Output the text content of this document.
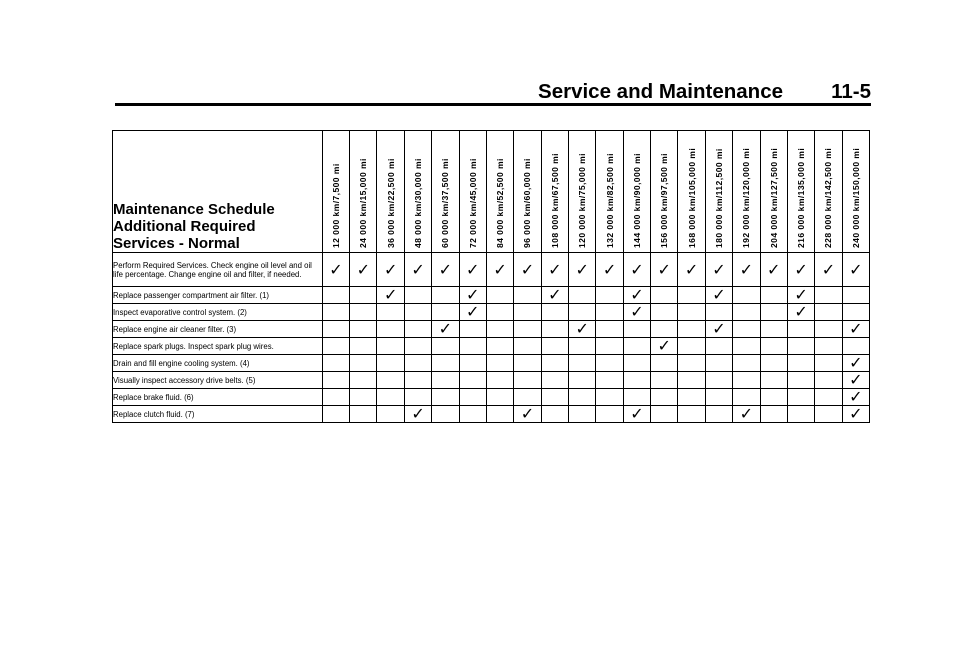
Service and Maintenance 11-5
Maintenance Schedule
Additional Required
Services - Normal	12 000 km/7,500 mi	24 000 km/15,000 mi	36 000 km/22,500 mi	48 000 km/30,000 mi	60 000 km/37,500 mi	72 000 km/45,000 mi	84 000 km/52,500 mi	96 000 km/60,000 mi	108 000 km/67,500 mi	120 000 km/75,000 mi	132 000 km/82,500 mi	144 000 km/90,000 mi	156 000 km/97,500 mi	168 000 km/105,000 mi	180 000 km/112,500 mi	192 000 km/120,000 mi	204 000 km/127,500 mi	216 000 km/135,000 mi	228 000 km/142,500 mi	240 000 km/150,000 mi

Perform Required Services. Check engine oil level and oil life percentage. Change engine oil and filter, if needed.	✓	✓	✓	✓	✓	✓	✓	✓	✓	✓	✓	✓	✓	✓	✓	✓	✓	✓	✓	✓
Replace passenger compartment air filter. (1)			✓			✓			✓			✓			✓			✓		
Inspect evaporative control system. (2)						✓						✓						✓		
Replace engine air cleaner filter. (3)					✓					✓					✓					✓
Replace spark plugs. Inspect spark plug wires.													✓							
Drain and fill engine cooling system. (4)																				✓
Visually inspect accessory drive belts. (5)																				✓
Replace brake fluid. (6)																				✓
Replace clutch fluid. (7)				✓				✓				✓				✓				✓
